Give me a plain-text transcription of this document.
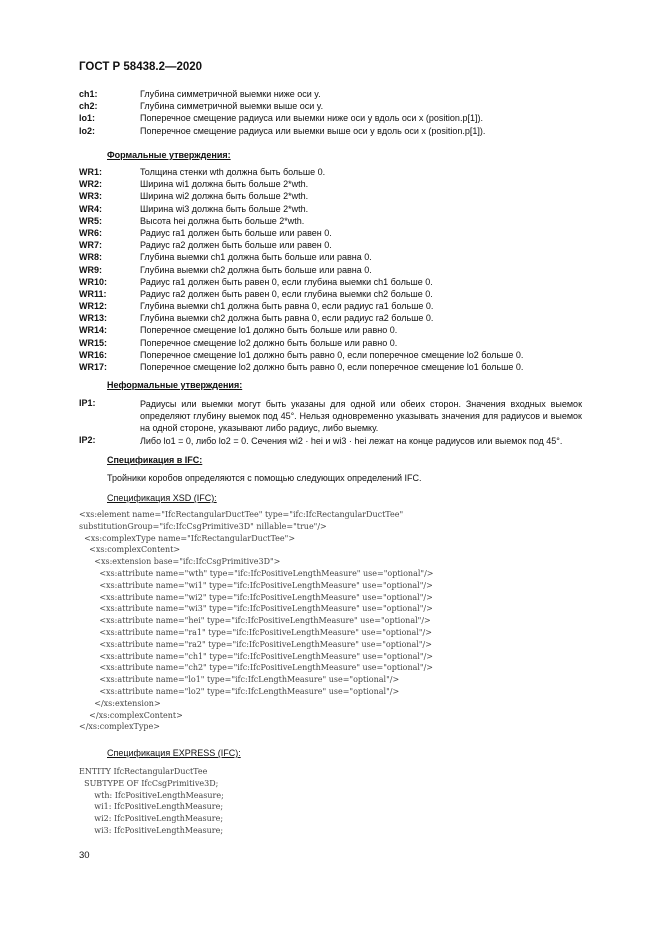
ГОСТ Р 58438.2—2020
ch1:	Глубина симметричной выемки ниже оси y.
ch2:	Глубина симметричной выемки выше оси y.
lo1:	Поперечное смещение радиуса или выемки ниже оси y вдоль оси x (position.p[1]).
lo2:	Поперечное смещение радиуса или выемки выше оси y вдоль оси x (position.p[1]).
Формальные утверждения:
WR1:	Толщина стенки wth должна быть больше 0.
WR2:	Ширина wi1 должна быть больше 2*wth.
WR3:	Ширина wi2 должна быть больше 2*wth.
WR4:	Ширина wi3 должна быть больше 2*wth.
WR5:	Высота hei должна быть больше 2*wth.
WR6:	Радиус ra1 должен быть больше или равен 0.
WR7:	Радиус ra2 должен быть больше или равен 0.
WR8:	Глубина выемки ch1 должна быть больше или равна 0.
WR9:	Глубина выемки ch2 должна быть больше или равна 0.
WR10:	Радиус ra1 должен быть равен 0, если глубина выемки ch1 больше 0.
WR11:	Радиус ra2 должен быть равен 0, если глубина выемки ch2 больше 0.
WR12:	Глубина выемки ch1 должна быть равна 0, если радиус ra1 больше 0.
WR13:	Глубина выемки ch2 должна быть равна 0, если радиус ra2 больше 0.
WR14:	Поперечное смещение lo1 должно быть больше или равно 0.
WR15:	Поперечное смещение lo2 должно быть больше или равно 0.
WR16:	Поперечное смещение lo1 должно быть равно 0, если поперечное смещение lo2 больше 0.
WR17:	Поперечное смещение lo2 должно быть равно 0, если поперечное смещение lo1 больше 0.
Неформальные утверждения:
IP1:	Радиусы или выемки могут быть указаны для одной или обеих сторон. Значения входных выемок определяют глубину выемок под 45°. Нельзя одновременно указывать значения для радиусов и выемок на одной стороне, указывают либо радиус, либо выемку.
IP2:	Либо lo1 = 0, либо lo2 = 0. Сечения wi2 · hei и wi3 · hei лежат на конце радиусов или выемок под 45°.
Спецификация в IFC:
Тройники коробов определяются с помощью следующих определений IFC.
Спецификация XSD (IFC):
<xs:element name="IfcRectangularDuctTee" type="ifc:IfcRectangularDuctTee"
substitutionGroup="ifc:IfcCsgPrimitive3D" nillable="true"/>
<xs:complexType name="IfcRectangularDuctTee">
<xs:complexContent>
<xs:extension base="ifc:IfcCsgPrimitive3D">
<xs:attribute name="wth" type="ifc:IfcPositiveLengthMeasure" use="optional"/>
<xs:attribute name="wi1" type="ifc:IfcPositiveLengthMeasure" use="optional"/>
<xs:attribute name="wi2" type="ifc:IfcPositiveLengthMeasure" use="optional"/>
<xs:attribute name="wi3" type="ifc:IfcPositiveLengthMeasure" use="optional"/>
<xs:attribute name="hei" type="ifc:IfcPositiveLengthMeasure" use="optional"/>
<xs:attribute name="ra1" type="ifc:IfcPositiveLengthMeasure" use="optional"/>
<xs:attribute name="ra2" type="ifc:IfcPositiveLengthMeasure" use="optional"/>
<xs:attribute name="ch1" type="ifc:IfcPositiveLengthMeasure" use="optional"/>
<xs:attribute name="ch2" type="ifc:IfcPositiveLengthMeasure" use="optional"/>
<xs:attribute name="lo1" type="ifc:IfcLengthMeasure" use="optional"/>
<xs:attribute name="lo2" type="ifc:IfcLengthMeasure" use="optional"/>
</xs:extension>
</xs:complexContent>
</xs:complexType>
Спецификация EXPRESS (IFC):
ENTITY IfcRectangularDuctTee
SUBTYPE OF IfcCsgPrimitive3D;
wth: IfcPositiveLengthMeasure;
wi1: IfcPositiveLengthMeasure;
wi2: IfcPositiveLengthMeasure;
wi3: IfcPositiveLengthMeasure;
30
